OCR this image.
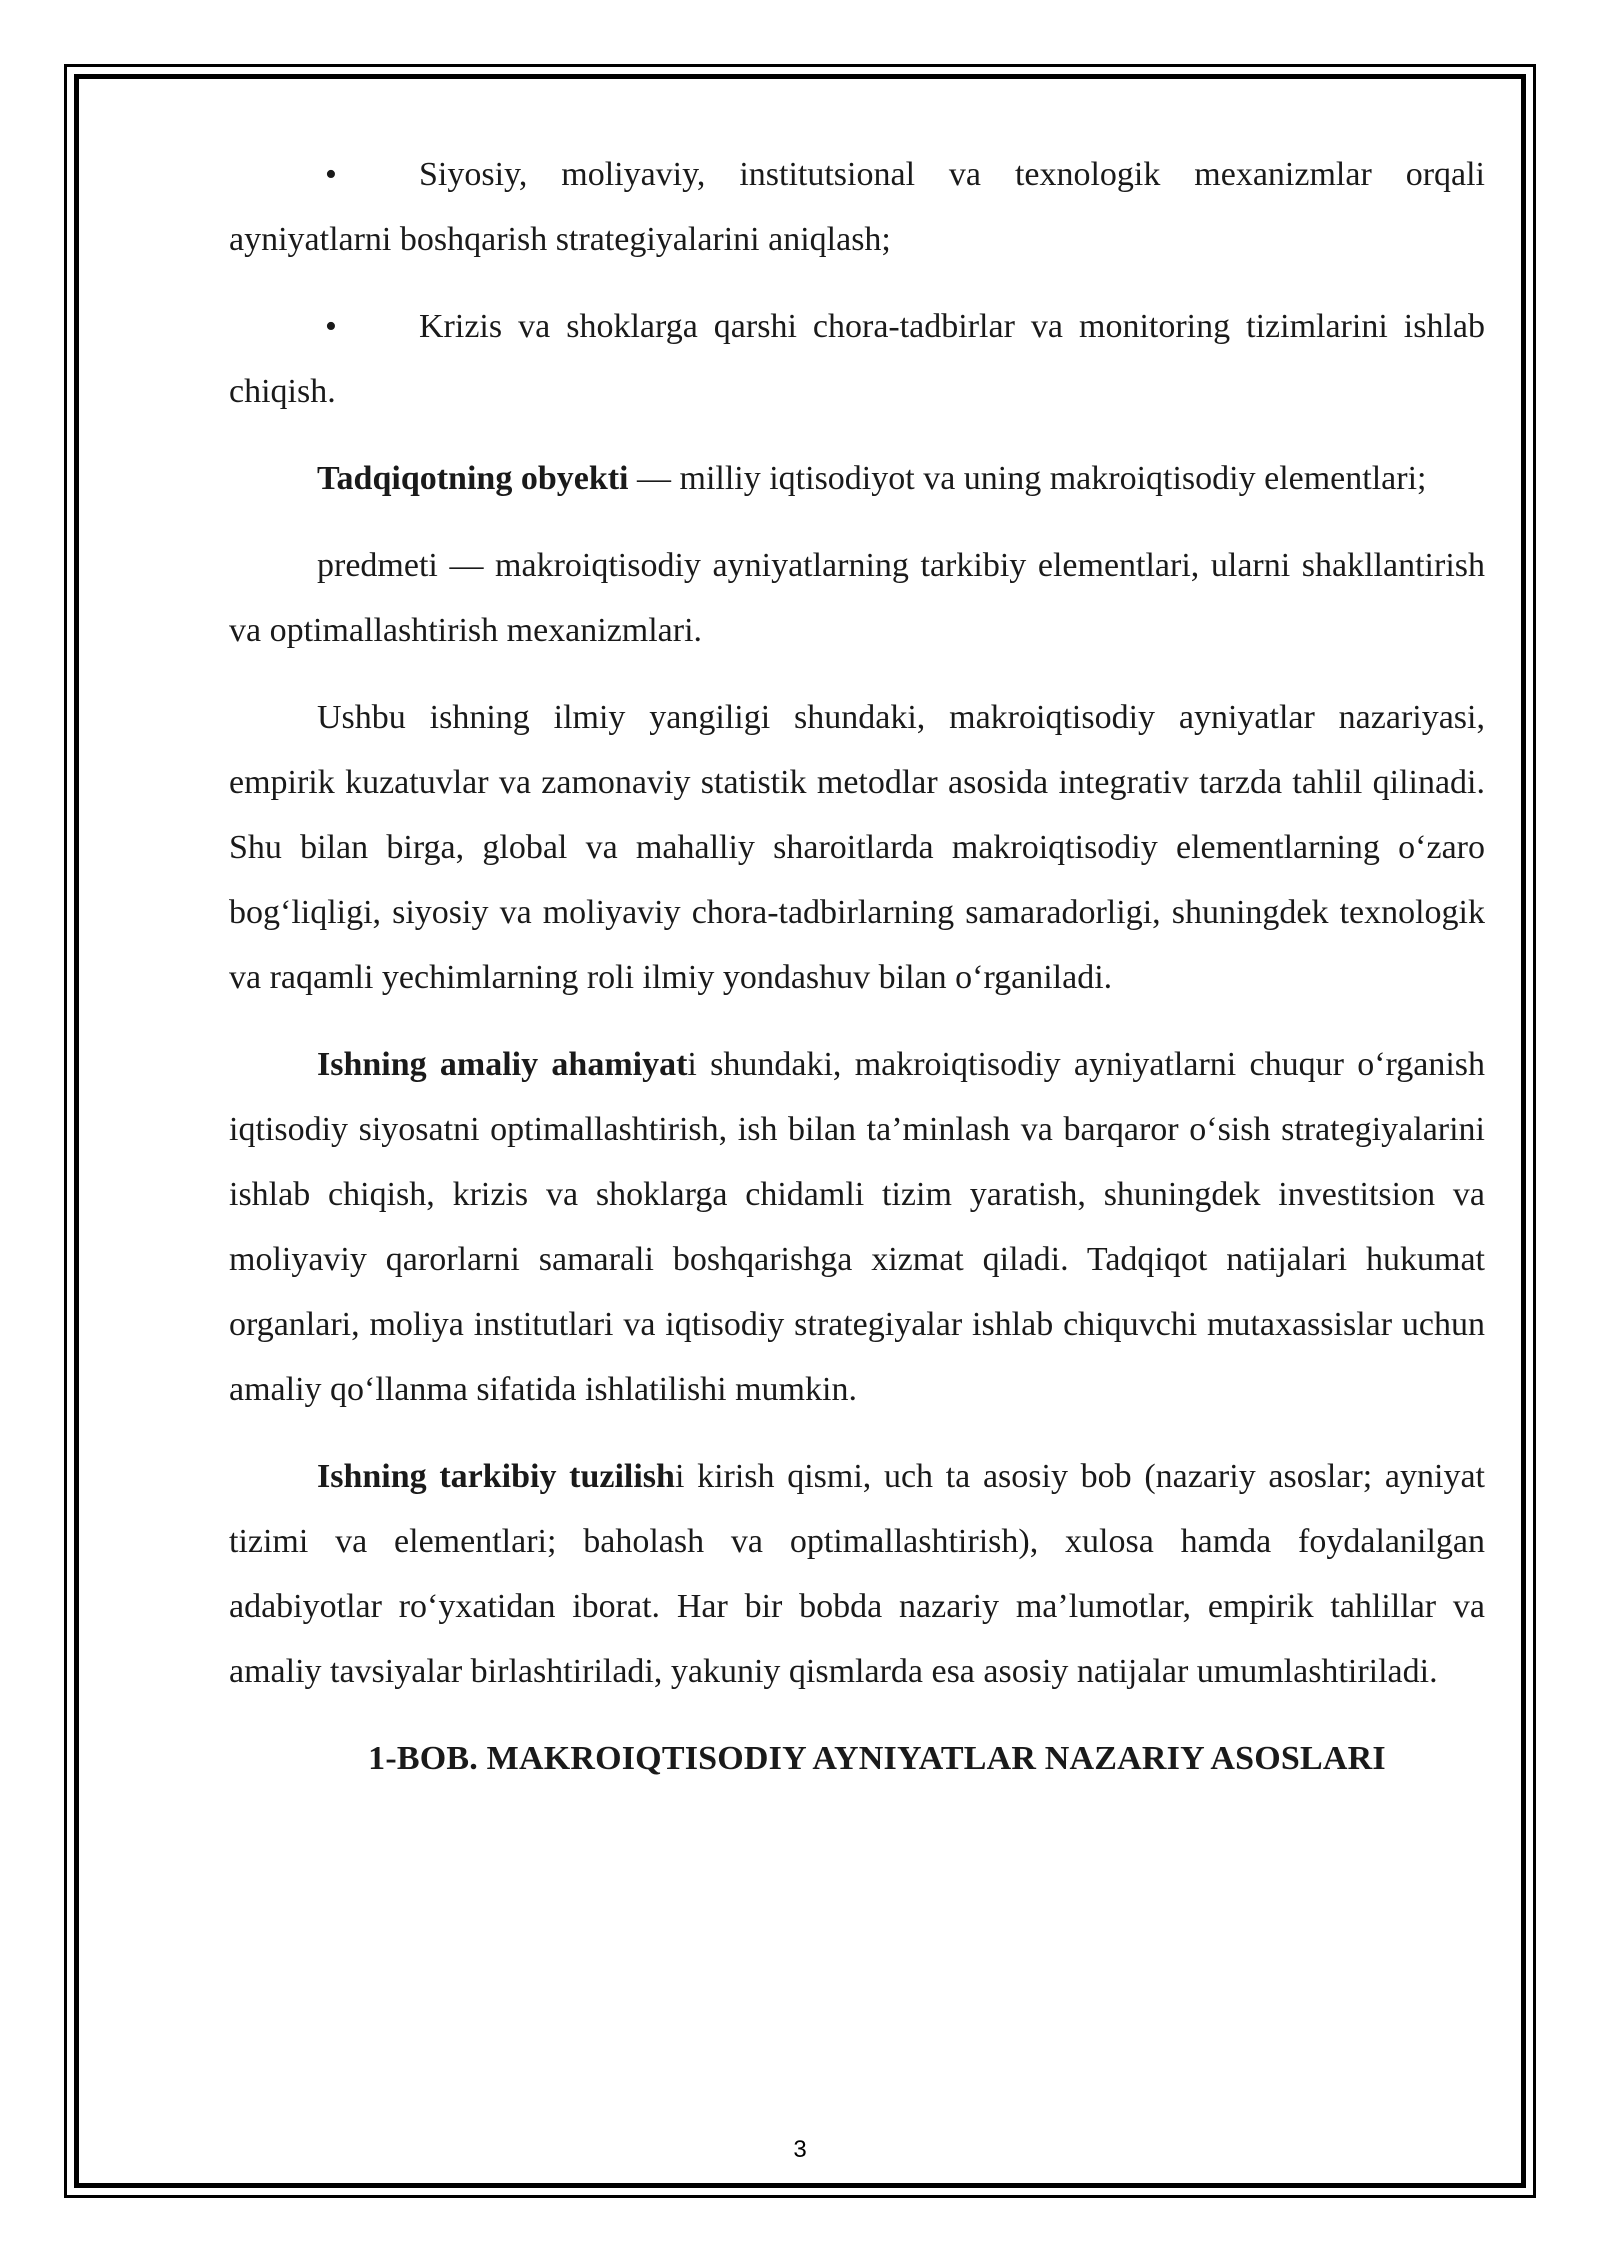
• Siyosiy, moliyaviy, institutsional va texnologik mexanizmlar orqali ayniyatlarni boshqarish strategiyalarini aniqlash;

• Krizis va shoklarga qarshi chora-tadbirlar va monitoring tizimlarini ishlab chiqish.

Tadqiqotning obyekti — milliy iqtisodiyot va uning makroiqtisodiy elementlari;

predmeti — makroiqtisodiy ayniyatlarning tarkibiy elementlari, ularni shakllantirish va optimallashtirish mexanizmlari.

Ushbu ishning ilmiy yangiligi shundaki, makroiqtisodiy ayniyatlar nazariyasi, empirik kuzatuvlar va zamonaviy statistik metodlar asosida integrativ tarzda tahlil qilinadi. Shu bilan birga, global va mahalliy sharoitlarda makroiqtisodiy elementlarning o‘zaro bog‘liqligi, siyosiy va moliyaviy chora-tadbirlarning samaradorligi, shuningdek texnologik va raqamli yechimlarning roli ilmiy yondashuv bilan o‘rganiladi.

Ishning amaliy ahamiyati shundaki, makroiqtisodiy ayniyatlarni chuqur o‘rganish iqtisodiy siyosatni optimallashtirish, ish bilan ta’minlash va barqaror o‘sish strategiyalarini ishlab chiqish, krizis va shoklarga chidamli tizim yaratish, shuningdek investitsion va moliyaviy qarorlarni samarali boshqarishga xizmat qiladi. Tadqiqot natijalari hukumat organlari, moliya institutlari va iqtisodiy strategiyalar ishlab chiquvchi mutaxassislar uchun amaliy qo‘llanma sifatida ishlatilishi mumkin.

Ishning tarkibiy tuzilishi kirish qismi, uch ta asosiy bob (nazariy asoslar; ayniyat tizimi va elementlari; baholash va optimallashtirish), xulosa hamda foydalanilgan adabiyotlar ro‘yxatidan iborat. Har bir bobda nazariy ma’lumotlar, empirik tahlillar va amaliy tavsiyalar birlashtiriladi, yakuniy qismlarda esa asosiy natijalar umumlashtiriladi.

1-BOB. MAKROIQTISODIY AYNIYATLAR NAZARIY ASOSLARI
3
